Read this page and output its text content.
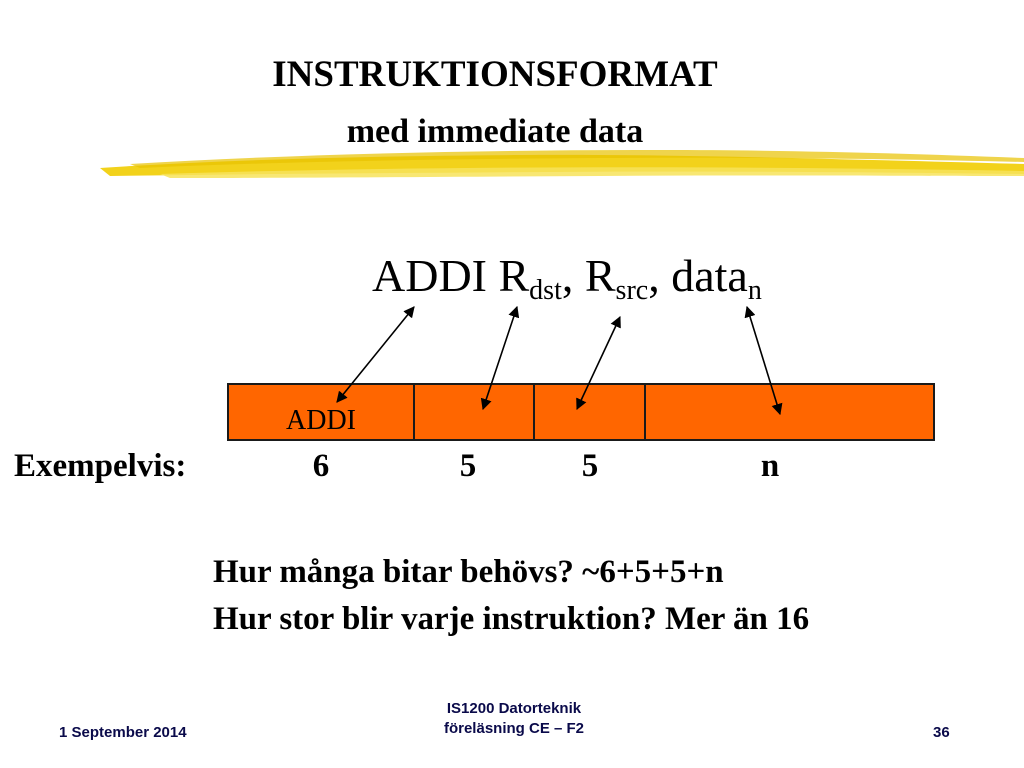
INSTRUKTIONSFORMAT
med immediate data
ADDI $R_{dst}$, $R_{src}$, data$_n$
ADDI
Exempelvis:	6	5	5	n
Hur många bitar behövs? ~6+5+5+n
Hur stor blir varje instruktion? Mer än 16
1 September 2014
IS1200 Datorteknik
föreläsning CE – F2	36
